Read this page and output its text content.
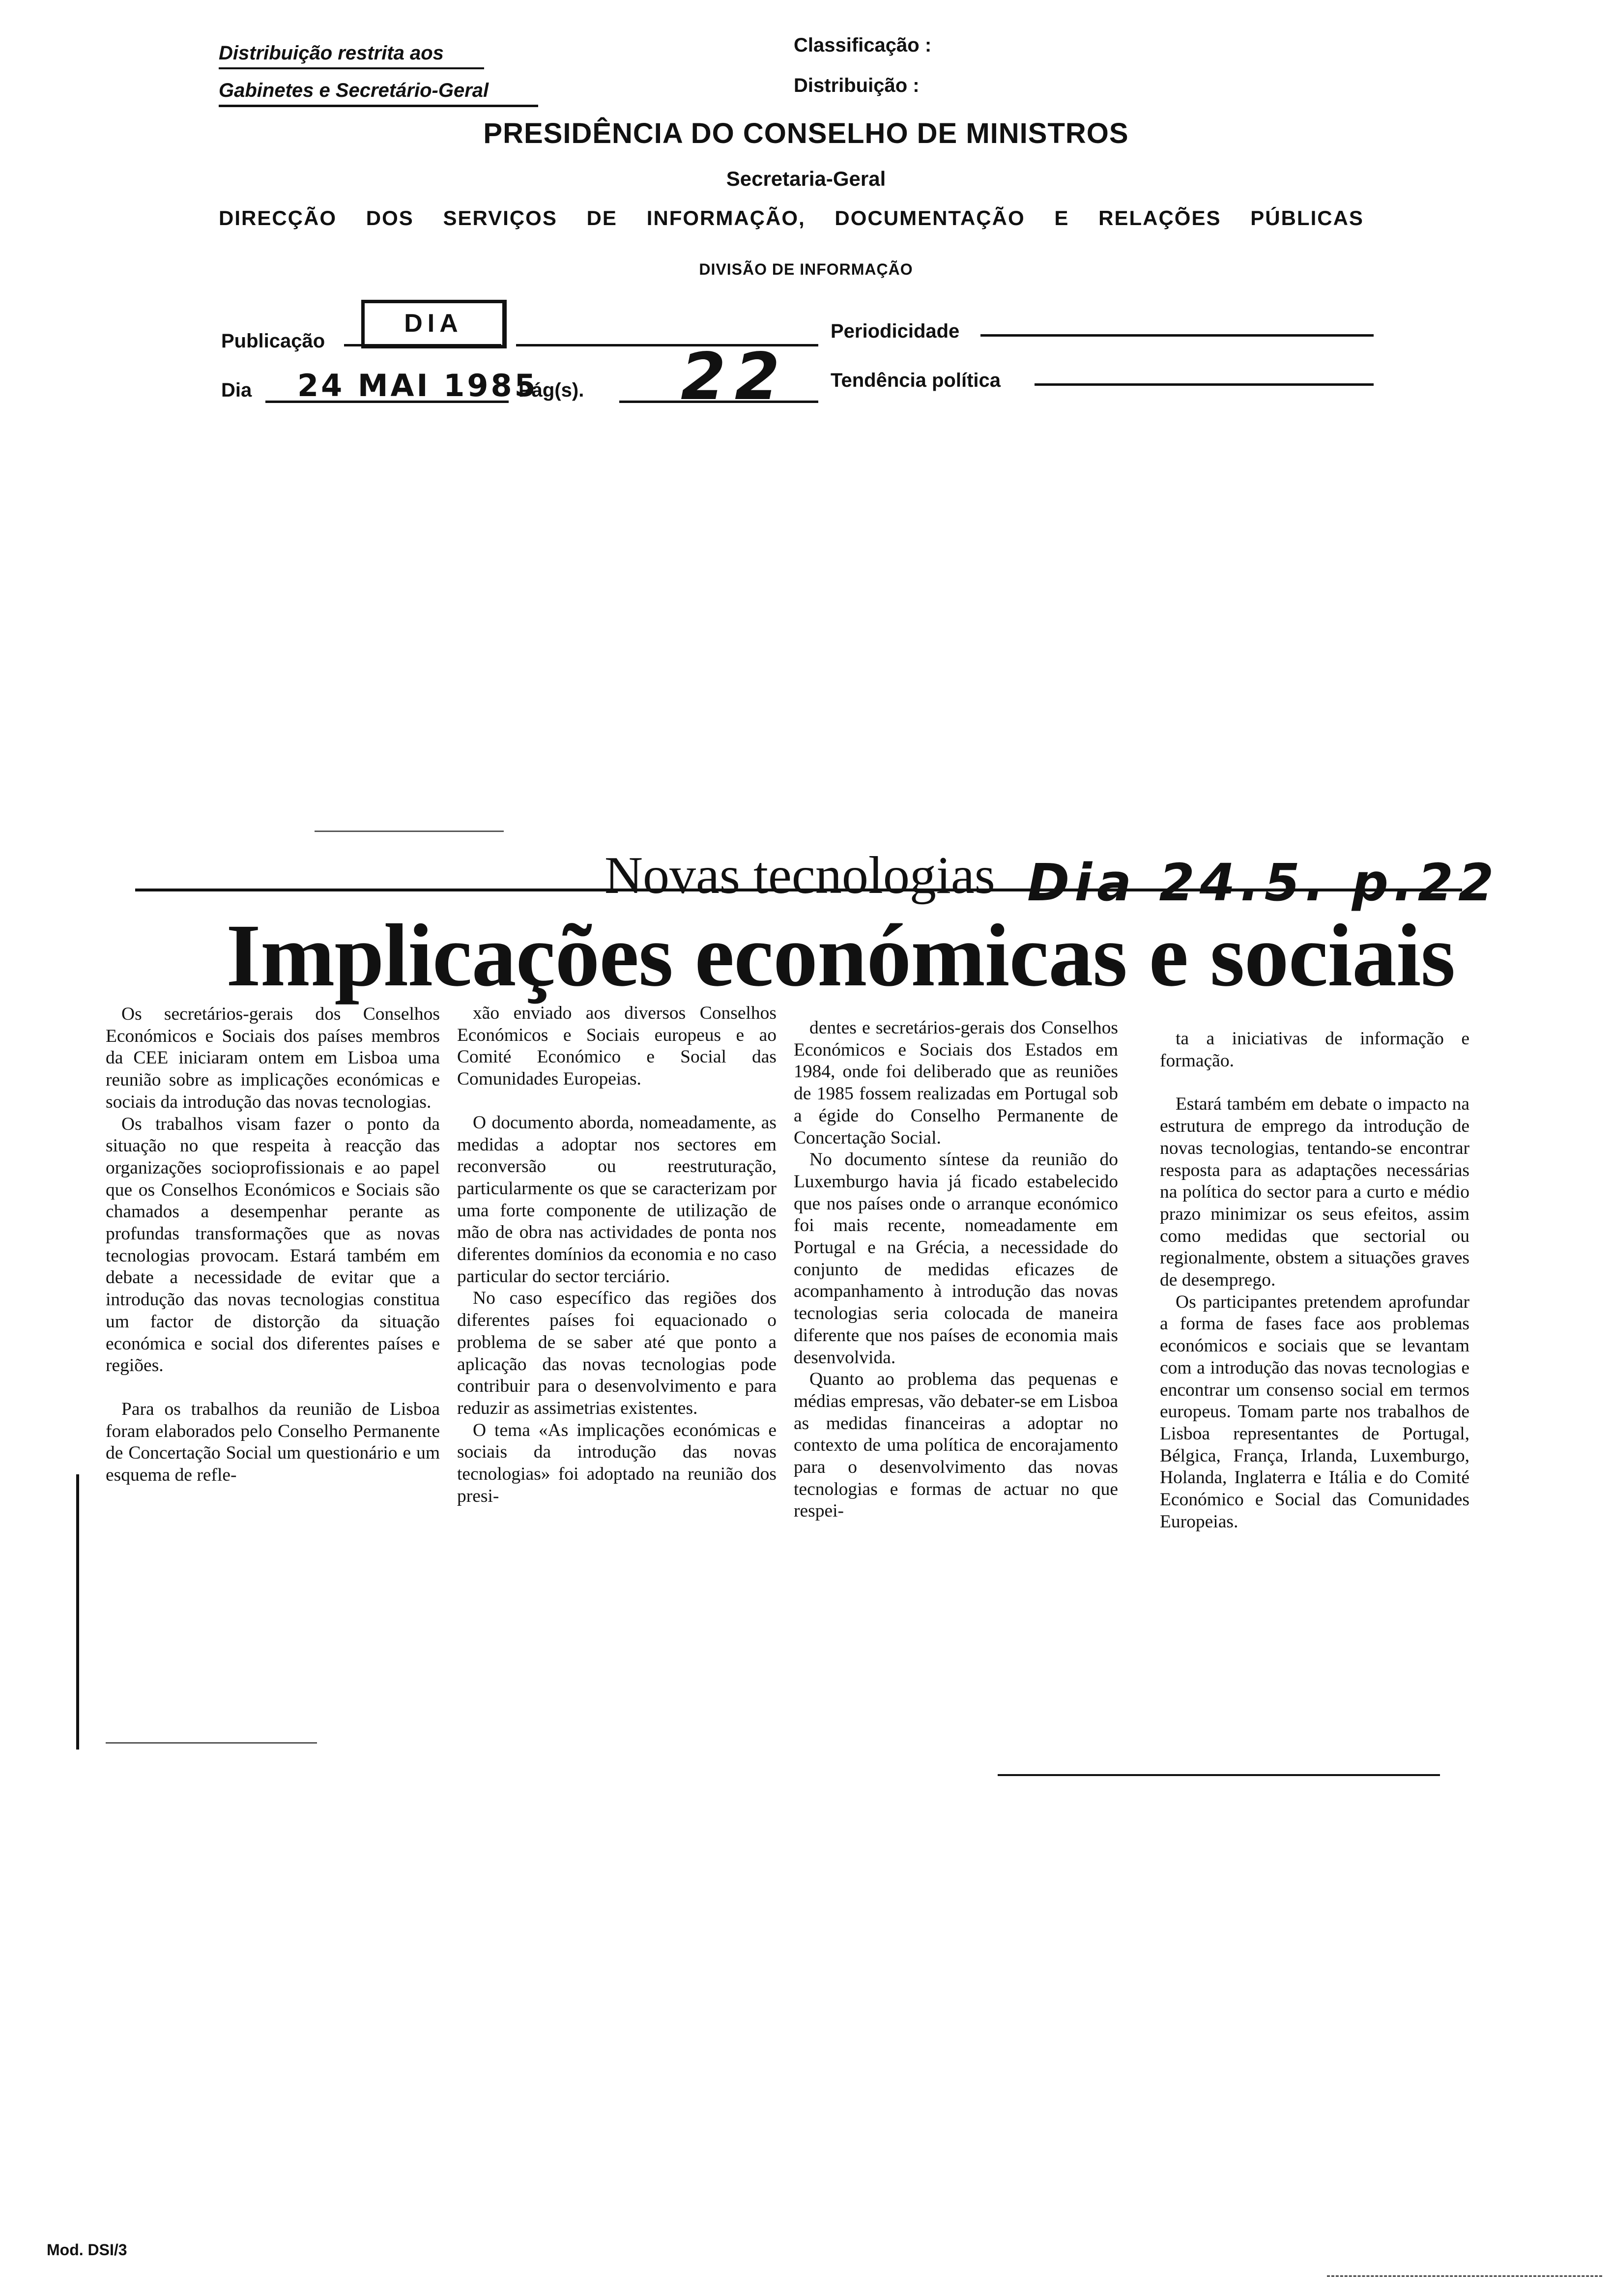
Distribuição restrita aos
Gabinetes e Secretário-Geral
Classificação :
Distribuição :
PRESIDÊNCIA DO CONSELHO DE MINISTROS
Secretaria-Geral
DIRECÇÃO DOS SERVIÇOS DE INFORMAÇÃO, DOCUMENTAÇÃO E RELAÇÕES PÚBLICAS
DIVISÃO DE INFORMAÇÃO
Publicação
DIA	Periodicidade
Dia 24 MAI 1985
Pág(s). 22 Tendência política
Novas tecnologias Dia 24.5. p.22
Implicações económicas e sociais

Os secretários-gerais dos Conselhos Económicos e Sociais dos países membros da CEE iniciaram ontem em Lisboa uma reunião sobre as implicações económicas e sociais da introdução das novas tecnologias.

Os trabalhos visam fazer o ponto da situação no que respeita à reacção das organizações socioprofissionais e ao papel que os Conselhos Económicos e Sociais são chamados a desempenhar perante as profundas transformações que as novas tecnologias provocam. Estará também em debate a necessidade de evitar que a introdução das novas tecnologias constitua um factor de distorção da situação económica e social dos diferentes países e regiões.

Para os trabalhos da reunião de Lisboa foram elaborados pelo Conselho Permanente de Concertação Social um questionário e um esquema de refle-

xão enviado aos diversos Conselhos Económicos e Sociais europeus e ao Comité Económico e Social das Comunidades Europeias.

O documento aborda, nomeadamente, as medidas a adoptar nos sectores em reconversão ou reestruturação, particularmente os que se caracterizam por uma forte componente de utilização de mão de obra nas actividades de ponta nos diferentes domínios da economia e no caso particular do sector terciário.

No caso específico das regiões dos diferentes países foi equacionado o problema de se saber até que ponto a aplicação das novas tecnologias pode contribuir para o desenvolvimento e para reduzir as assimetrias existentes.

O tema «As implicações económicas e sociais da introdução das novas tecnologias» foi adoptado na reunião dos presi-

dentes e secretários-gerais dos Conselhos Económicos e Sociais dos Estados em 1984, onde foi deliberado que as reuniões de 1985 fossem realizadas em Portugal sob a égide do Conselho Permanente de Concertação Social.

No documento síntese da reunião do Luxemburgo havia já ficado estabelecido que nos países onde o arranque económico foi mais recente, nomeadamente em Portugal e na Grécia, a necessidade do conjunto de medidas eficazes de acompanhamento à introdução das novas tecnologias seria colocada de maneira diferente que nos países de economia mais desenvolvida.

Quanto ao problema das pequenas e médias empresas, vão debater-se em Lisboa as medidas financeiras a adoptar no contexto de uma política de encorajamento para o desenvolvimento das novas tecnologias e formas de actuar no que respei-

ta a iniciativas de informação e formação.

Estará também em debate o impacto na estrutura de emprego da introdução de novas tecnologias, tentando-se encontrar resposta para as adaptações necessárias na política do sector para a curto e médio prazo minimizar os seus efeitos, assim como medidas que sectorial ou regionalmente, obstem a situações graves de desemprego.

Os participantes pretendem aprofundar a forma de fases face aos problemas económicos e sociais que se levantam com a introdução das novas tecnologias e encontrar um consenso social em termos europeus. Tomam parte nos trabalhos de Lisboa representantes de Portugal, Bélgica, França, Irlanda, Luxemburgo, Holanda, Inglaterra e Itália e do Comité Económico e Social das Comunidades Europeias.

Mod. DSI/3
